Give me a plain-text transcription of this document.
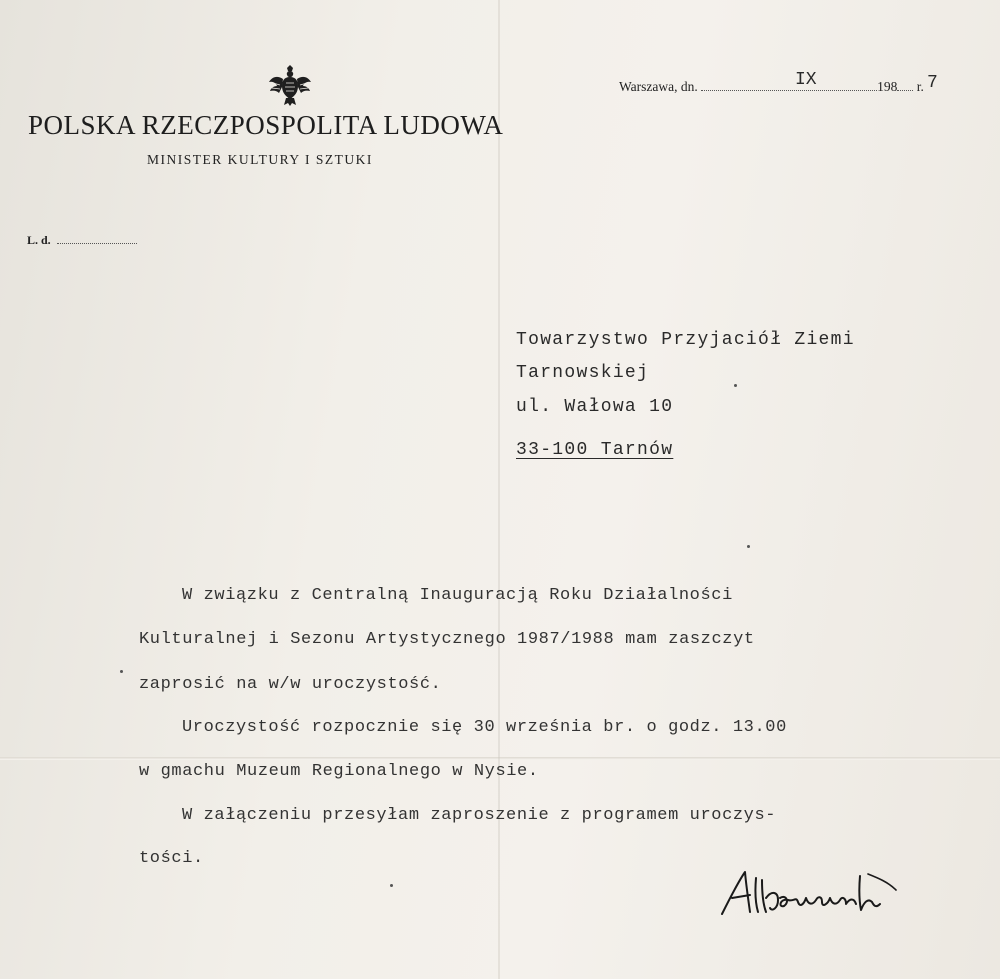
POLSKA RZECZPOSPOLITA LUDOWA
MINISTER KULTURY I SZTUKI
L. d.
Warszawa, dn.	198 r.
IX	7
Towarzystwo Przyjaciół Ziemi
Tarnowskiej
ul. Wałowa 10
33-100 Tarnów
W związku z Centralną Inauguracją Roku Działalności
Kulturalnej i Sezonu Artystycznego 1987/1988 mam zaszczyt
zaprosić na w/w uroczystość.
Uroczystość rozpocznie się 30 września br. o godz. 13.00
w gmachu Muzeum Regionalnego w Nysie.
W załączeniu przesyłam zaproszenie z programem uroczys-
tości.
